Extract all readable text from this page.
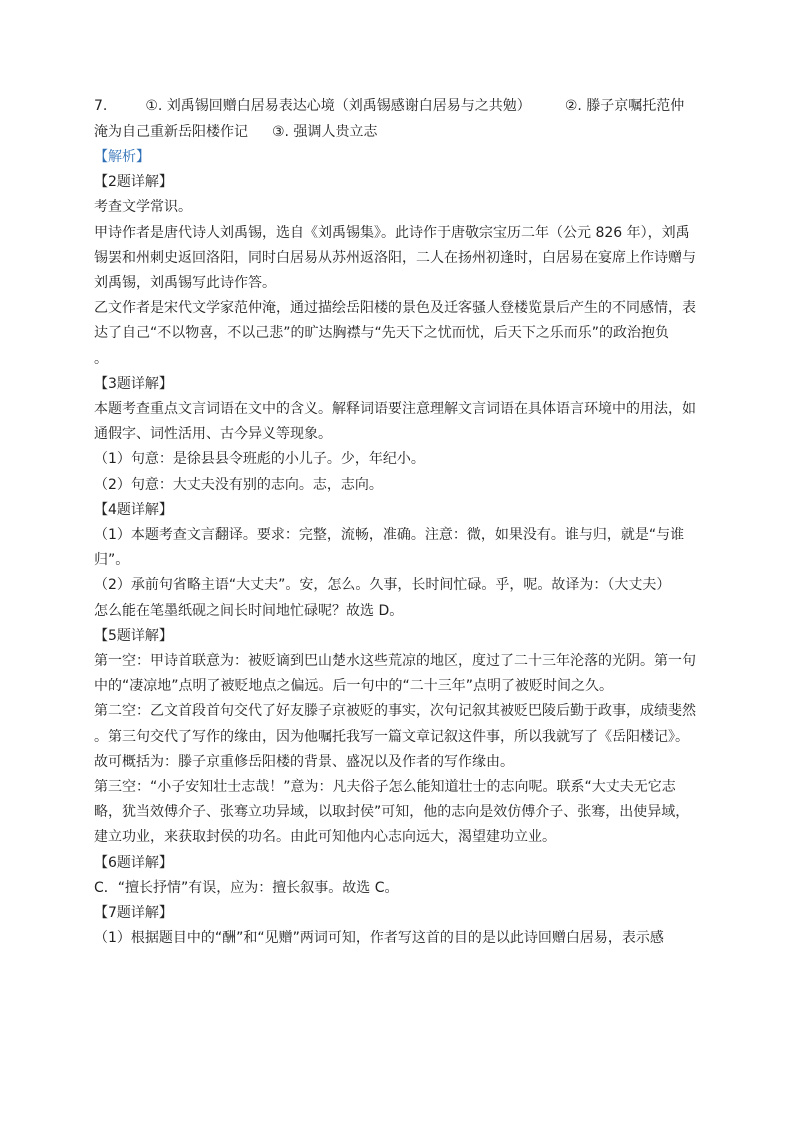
7.	①. 刘禹锡回赠白居易表达心境（刘禹锡感谢白居易与之共勉） ②. 滕子京嘱托范仲
淹为自己重新岳阳楼作记 ③. 强调人贵立志
【解析】
【2题详解】
考查文学常识。
甲诗作者是唐代诗人刘禹锡，选自《刘禹锡集》。此诗作于唐敬宗宝历二年（公元 826 年），刘禹
锡罢和州刺史返回洛阳，同时白居易从苏州返洛阳，二人在扬州初逢时，白居易在宴席上作诗赠与
刘禹锡，刘禹锡写此诗作答。
乙文作者是宋代文学家范仲淹，通过描绘岳阳楼的景色及迁客骚人登楼览景后产生的不同感情，表
达了自己“不以物喜，不以己悲”的旷达胸襟与“先天下之忧而忧，后天下之乐而乐”的政治抱负
。
【3题详解】
本题考查重点文言词语在文中的含义。解释词语要注意理解文言词语在具体语言环境中的用法，如
通假字、词性活用、古今异义等现象。
（1）句意：是徐县县令班彪的小儿子。少，年纪小。
（2）句意：大丈夫没有别的志向。志，志向。
【4题详解】
（1）本题考查文言翻译。要求：完整，流畅，准确。注意：微，如果没有。谁与归，就是“与谁
归”。
（2）承前句省略主语“大丈夫”。安，怎么。久事，长时间忙碌。乎，呢。故译为：（大丈夫）
怎么能在笔墨纸砚之间长时间地忙碌呢？故选 D。
【5题详解】
第一空：甲诗首联意为：被贬谪到巴山楚水这些荒凉的地区，度过了二十三年沦落的光阴。第一句
中的“凄凉地”点明了被贬地点之偏远。后一句中的“二十三年”点明了被贬时间之久。
第二空：乙文首段首句交代了好友滕子京被贬的事实，次句记叙其被贬巴陵后勤于政事，成绩斐然
。第三句交代了写作的缘由，因为他嘱托我写一篇文章记叙这件事，所以我就写了《岳阳楼记》。
故可概括为：滕子京重修岳阳楼的背景、盛况以及作者的写作缘由。
第三空：“小子安知壮士志哉！”意为：凡夫俗子怎么能知道壮士的志向呢。联系“大丈夫无它志
略，犹当效傅介子、张骞立功异域，以取封侯”可知，他的志向是效仿傅介子、张骞，出使异域，
建立功业，来获取封侯的功名。由此可知他内心志向远大，渴望建功立业。
【6题详解】
C．“擅长抒情”有误，应为：擅长叙事。故选 C。
【7题详解】
（1）根据题目中的“酬”和“见赠”两词可知，作者写这首的目的是以此诗回赠白居易，表示感
